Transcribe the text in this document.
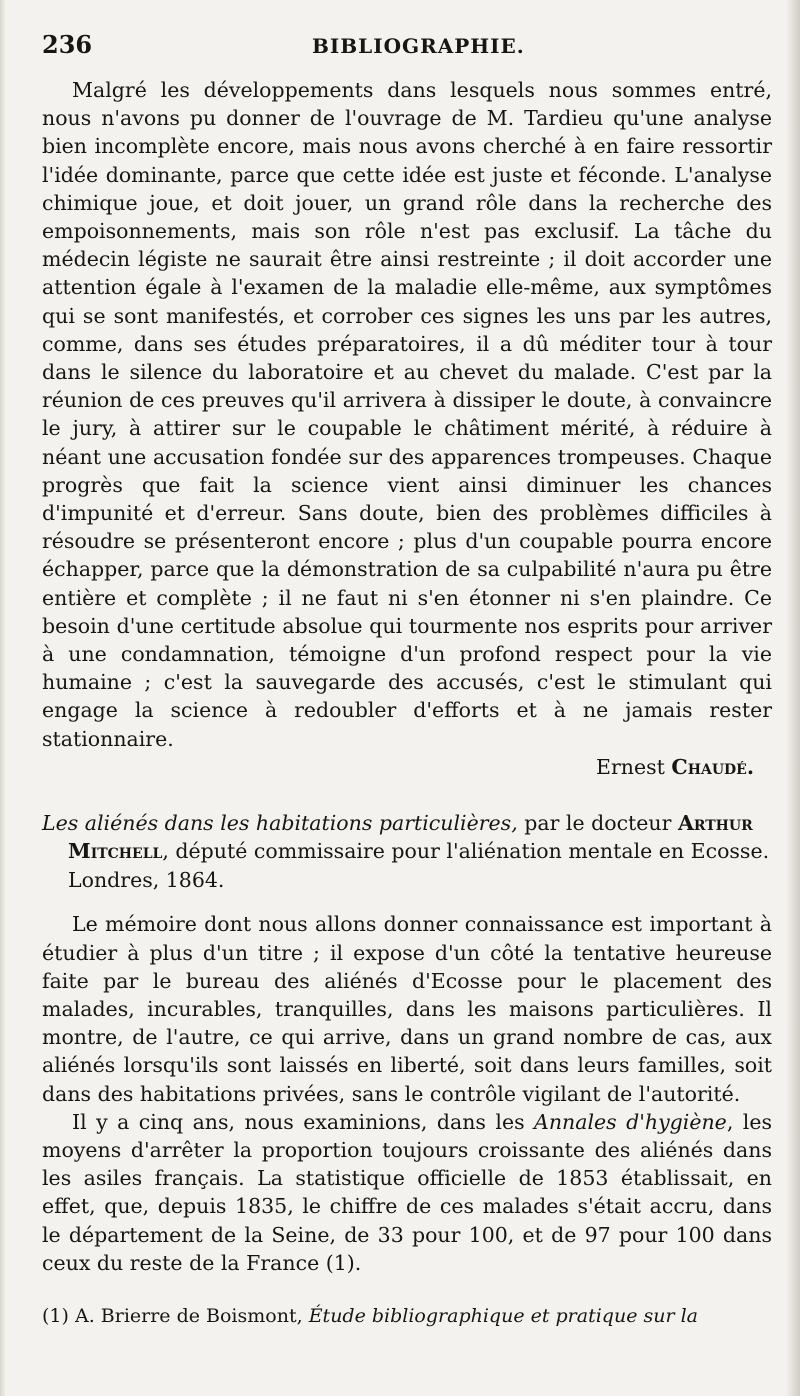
236	BIBLIOGRAPHIE.

Malgré les développements dans lesquels nous sommes entré, nous n'avons pu donner de l'ouvrage de M. Tardieu qu'une analyse bien incomplète encore, mais nous avons cherché à en faire ressortir l'idée dominante, parce que cette idée est juste et féconde. L'analyse chimique joue, et doit jouer, un grand rôle dans la recherche des empoisonnements, mais son rôle n'est pas exclusif. La tâche du médecin légiste ne saurait être ainsi restreinte ; il doit accorder une attention égale à l'examen de la maladie elle-même, aux symptômes qui se sont manifestés, et corrober ces signes les uns par les autres, comme, dans ses études préparatoires, il a dû méditer tour à tour dans le silence du laboratoire et au chevet du malade. C'est par la réunion de ces preuves qu'il arrivera à dissiper le doute, à convaincre le jury, à attirer sur le coupable le châtiment mérité, à réduire à néant une accusation fondée sur des apparences trompeuses. Chaque progrès que fait la science vient ainsi diminuer les chances d'impunité et d'erreur. Sans doute, bien des problèmes difficiles à résoudre se présenteront encore ; plus d'un coupable pourra encore échapper, parce que la démonstration de sa culpabilité n'aura pu être entière et complète ; il ne faut ni s'en étonner ni s'en plaindre. Ce besoin d'une certitude absolue qui tourmente nos esprits pour arriver à une condamnation, témoigne d'un profond respect pour la vie humaine ; c'est la sauvegarde des accusés, c'est le stimulant qui engage la science à redoubler d'efforts et à ne jamais rester stationnaire.

Ernest Chaudé.
Les aliénés dans les habitations particulières, par le docteur Arthur Mitchell, député commissaire pour l'aliénation mentale en Ecosse. Londres, 1864.

Le mémoire dont nous allons donner connaissance est important à étudier à plus d'un titre ; il expose d'un côté la tentative heureuse faite par le bureau des aliénés d'Ecosse pour le placement des malades, incurables, tranquilles, dans les maisons particulières. Il montre, de l'autre, ce qui arrive, dans un grand nombre de cas, aux aliénés lorsqu'ils sont laissés en liberté, soit dans leurs familles, soit dans des habitations privées, sans le contrôle vigilant de l'autorité.

Il y a cinq ans, nous examinions, dans les Annales d'hygiène, les moyens d'arrêter la proportion toujours croissante des aliénés dans les asiles français. La statistique officielle de 1853 établissait, en effet, que, depuis 1835, le chiffre de ces malades s'était accru, dans le département de la Seine, de 33 pour 100, et de 97 pour 100 dans ceux du reste de la France (1).

(1) A. Brierre de Boismont, Étude bibliographique et pratique sur la
